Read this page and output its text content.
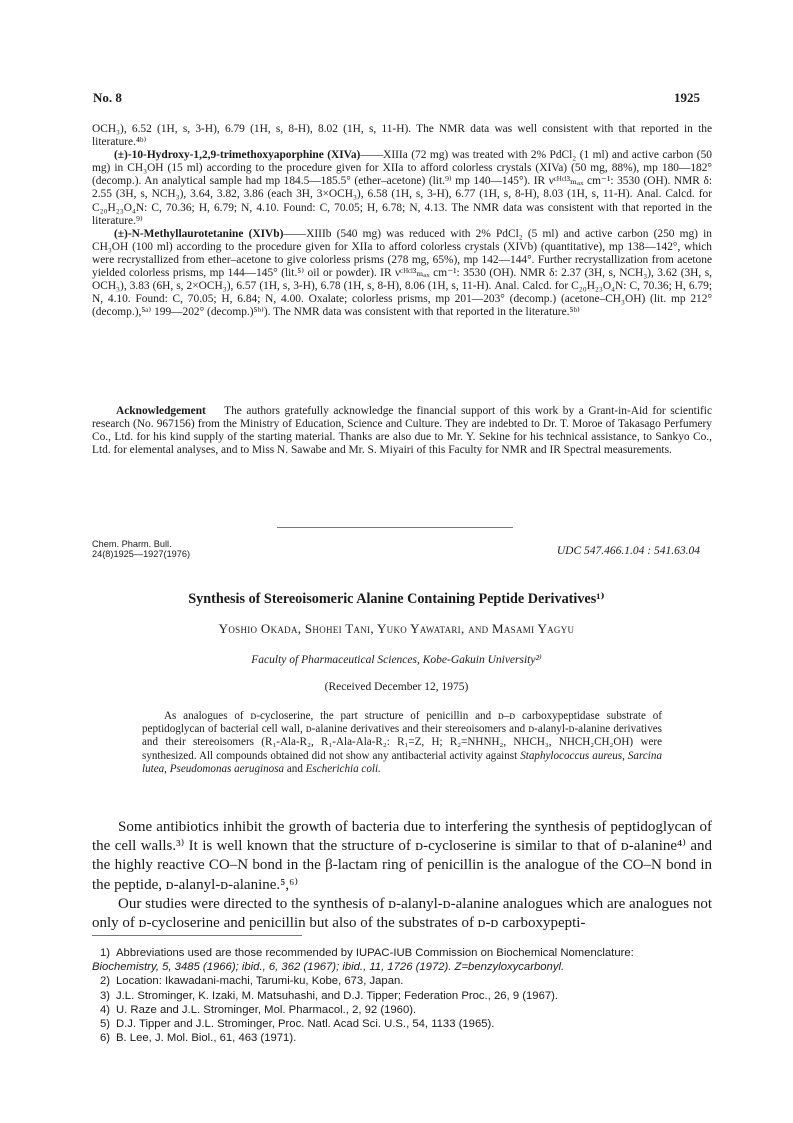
No. 8	1925

OCH₃), 6.52 (1H, s, 3-H), 6.79 (1H, s, 8-H), 8.02 (1H, s, 11-H). The NMR data was well consistent with that reported in the literature.⁴ᵇ⁾

(±)-10-Hydroxy-1,2,9-trimethoxyaporphine (XIVa)——XIIIa (72 mg) was treated with 2% PdCl₂ (1 ml) and active carbon (50 mg) in CH₃OH (15 ml) according to the procedure given for XIIa to afford colorless crystals (XIVa) (50 mg, 88%), mp 180—182° (decomp.). An analytical sample had mp 184.5—185.5° (ether–acetone) (lit.⁹⁾ mp 140—145°). IR νᶜᴴᶜˡ³ₘₐₓ cm⁻¹: 3530 (OH). NMR δ: 2.55 (3H, s, NCH₃), 3.64, 3.82, 3.86 (each 3H, 3×OCH₃), 6.58 (1H, s, 3-H), 6.77 (1H, s, 8-H), 8.03 (1H, s, 11-H). Anal. Calcd. for C₂₀H₂₃O₄N: C, 70.36; H, 6.79; N, 4.10. Found: C, 70.05; H, 6.78; N, 4.13. The NMR data was consistent with that reported in the literature.⁹⁾

(±)-N-Methyllaurotetanine (XIVb)——XIIIb (540 mg) was reduced with 2% PdCl₂ (5 ml) and active carbon (250 mg) in CH₃OH (100 ml) according to the procedure given for XIIa to afford colorless crystals (XIVb) (quantitative), mp 138—142°, which were recrystallized from ether–acetone to give colorless prisms (278 mg, 65%), mp 142—144°. Further recrystallization from acetone yielded colorless prisms, mp 144—145° (lit.⁵⁾ oil or powder). IR νᶜᴴᶜˡ³ₘₐₓ cm⁻¹: 3530 (OH). NMR δ: 2.37 (3H, s, NCH₃), 3.62 (3H, s, OCH₃), 3.83 (6H, s, 2×OCH₃), 6.57 (1H, s, 3-H), 6.78 (1H, s, 8-H), 8.06 (1H, s, 11-H). Anal. Calcd. for C₂₀H₂₃O₄N: C, 70.36; H, 6.79; N, 4.10. Found: C, 70.05; H, 6.84; N, 4.00. Oxalate; colorless prisms, mp 201—203° (decomp.) (acetone–CH₃OH) (lit. mp 212° (decomp.),⁵ᵃ⁾ 199—202° (decomp.)⁵ᵇ⁾). The NMR data was consistent with that reported in the literature.⁵ᵇ⁾

Acknowledgement The authors gratefully acknowledge the financial support of this work by a Grant-in-Aid for scientific research (No. 967156) from the Ministry of Education, Science and Culture. They are indebted to Dr. T. Moroe of Takasago Perfumery Co., Ltd. for his kind supply of the starting material. Thanks are also due to Mr. Y. Sekine for his technical assistance, to Sankyo Co., Ltd. for elemental analyses, and to Miss N. Sawabe and Mr. S. Miyairi of this Faculty for NMR and IR Spectral measurements.

Chem. Pharm. Bull.
24(8)1925—1927(1976)	UDC 547.466.1.04 : 541.63.04
Synthesis of Stereoisomeric Alanine Containing Peptide Derivatives¹⁾
Yoshio Okada, Shohei Tani, Yuko Yawatari, and Masami Yagyu
Faculty of Pharmaceutical Sciences, Kobe-Gakuin University²⁾
(Received December 12, 1975)

As analogues of ᴅ-cycloserine, the part structure of penicillin and ᴅ–ᴅ carboxypeptidase substrate of peptidoglycan of bacterial cell wall, ᴅ-alanine derivatives and their stereoisomers and ᴅ-alanyl-ᴅ-alanine derivatives and their stereoisomers (R₁-Ala-R₂, R₁-Ala-Ala-R₂: R₁=Z, H; R₂=NHNH₂, NHCH₃, NHCH₂CH₂OH) were synthesized. All compounds obtained did not show any antibacterial activity against Staphylococcus aureus, Sarcina lutea, Pseudomonas aeruginosa and Escherichia coli.

Some antibiotics inhibit the growth of bacteria due to interfering the synthesis of peptidoglycan of the cell walls.³⁾ It is well known that the structure of ᴅ-cycloserine is similar to that of ᴅ-alanine⁴⁾ and the highly reactive CO–N bond in the β-lactam ring of penicillin is the analogue of the CO–N bond in the peptide, ᴅ-alanyl-ᴅ-alanine.⁵,⁶⁾

Our studies were directed to the synthesis of ᴅ-alanyl-ᴅ-alanine analogues which are analogues not only of ᴅ-cycloserine and penicillin but also of the substrates of ᴅ-ᴅ carboxypepti-

1) Abbreviations used are those recommended by IUPAC-IUB Commission on Biochemical Nomenclature:
Biochemistry, 5, 3485 (1966); ibid., 6, 362 (1967); ibid., 11, 1726 (1972). Z=benzyloxycarbonyl.
2) Location: Ikawadani-machi, Tarumi-ku, Kobe, 673, Japan.
3) J.L. Strominger, K. Izaki, M. Matsuhashi, and D.J. Tipper; Federation Proc., 26, 9 (1967).
4) U. Raze and J.L. Strominger, Mol. Pharmacol., 2, 92 (1960).
5) D.J. Tipper and J.L. Strominger, Proc. Natl. Acad Sci. U.S., 54, 1133 (1965).
6) B. Lee, J. Mol. Biol., 61, 463 (1971).
